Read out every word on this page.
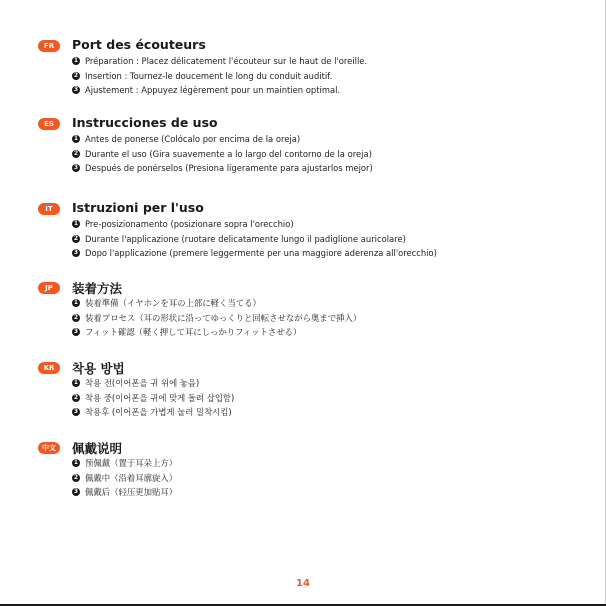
FR	Port des écouteurs
1 Préparation : Placez délicatement l'écouteur sur le haut de l'oreille.
2 Insertion : Tournez-le doucement le long du conduit auditif.
3 Ajustement : Appuyez légèrement pour un maintien optimal.
ES	Instrucciones de uso
1 Antes de ponerse (Colócalo por encima de la oreja)
2 Durante el uso (Gira suavemente a lo largo del contorno de la oreja)
3 Después de ponérselos (Presiona ligeramente para ajustarlos mejor)
IT	Istruzioni per l'uso
1 Pre-posizionamento (posizionare sopra l'orecchio)
2 Durante l'applicazione (ruotare delicatamente lungo il padiglione auricolare)
3 Dopo l'applicazione (premere leggermente per una maggiore aderenza all'orecchio)
JP	装着方法
1 装着準備（イヤホンを耳の上部に軽く当てる）
2 装着プロセス（耳の形状に沿ってゆっくりと回転させながら奥まで挿入）
3 フィット確認（軽く押して耳にしっかりフィットさせる）
KR	착용 방법
1 착용 전(이어폰을 귀 위에 놓음)
2 착용 중(이어폰을 귀에 맞게 돌려 삽입함)
3 착용후 (이어폰을 가볍게 눌러 밀착시킴)
中文	佩戴说明
1 预佩戴（置于耳朵上方）
2 佩戴中（沿着耳廓旋入）
3 佩戴后（轻压更加贴耳）
14
